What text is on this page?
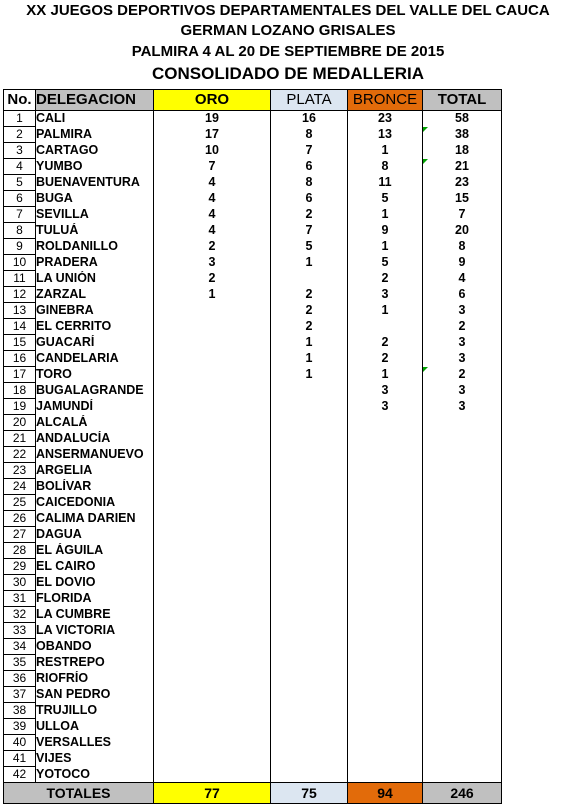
XX JUEGOS DEPORTIVOS DEPARTAMENTALES DEL VALLE DEL CAUCA
GERMAN LOZANO GRISALES
PALMIRA 4 AL 20 DE SEPTIEMBRE DE 2015
CONSOLIDADO DE MEDALLERIA
No.	DELEGACION	ORO	PLATA	BRONCE	TOTAL
1	CALI	19	16	23	58
2	PALMIRA	17	8	13	38

3	CARTAGO	10	7	1	18
4	YUMBO	7	6	8	21

5	BUENAVENTURA	4	8	11	23
6	BUGA	4	6	5	15
7	SEVILLA	4	2	1	7
8	TULUÁ	4	7	9	20
9	ROLDANILLO	2	5	1	8
10	PRADERA	3	1	5	9
11	LA UNIÓN	2		2	4
12	ZARZAL	1	2	3	6
13	GINEBRA		2	1	3
14	EL CERRITO		2		2
15	GUACARÍ		1	2	3
16	CANDELARIA		1	2	3
17	TORO		1	1	2

18	BUGALAGRANDE			3	3
19	JAMUNDÍ			3	3
20	ALCALÁ				
21	ANDALUCÍA				
22	ANSERMANUEVO				
23	ARGELIA				
24	BOLÍVAR				
25	CAICEDONIA				
26	CALIMA DARIEN				
27	DAGUA				
28	EL ÁGUILA				
29	EL CAIRO				
30	EL DOVIO				
31	FLORIDA				
32	LA CUMBRE				
33	LA VICTORIA				
34	OBANDO				
35	RESTREPO				
36	RIOFRÍO				
37	SAN PEDRO				
38	TRUJILLO				
39	ULLOA				
40	VERSALLES				
41	VIJES				
42	YOTOCO				
TOTALES		77	75	94	246
